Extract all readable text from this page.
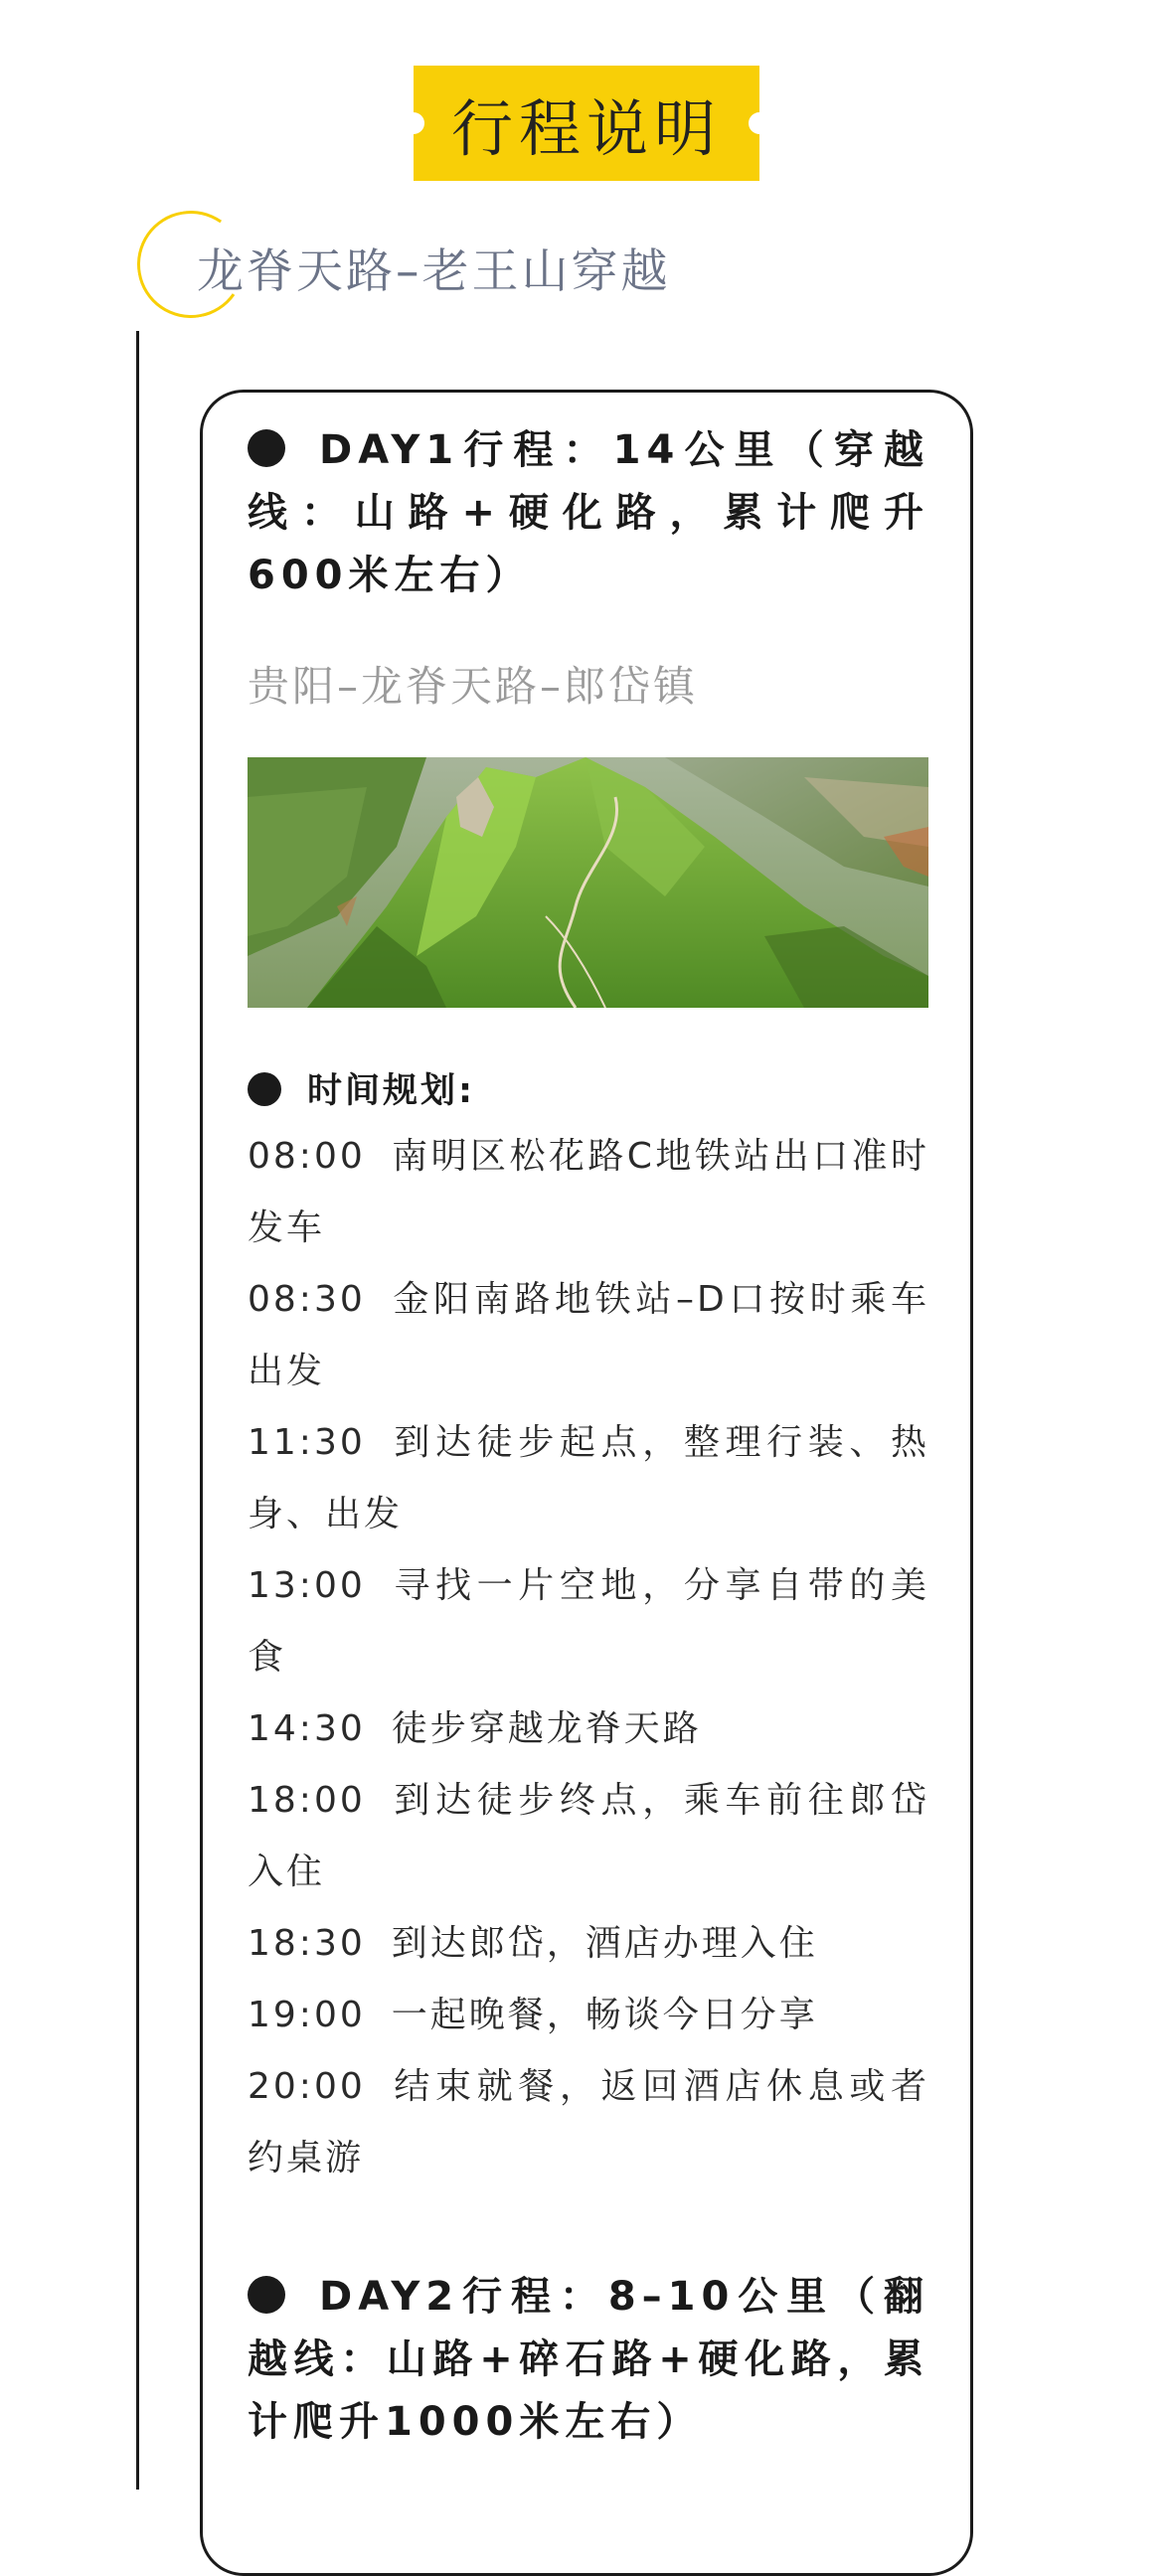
行程说明
龙脊天路–老王山穿越
DAY1行程：14公里（穿越线：山路+硬化路，累计爬升600米左右）
贵阳–龙脊天路–郎岱镇
时间规划:
08:00 南明区松花路C地铁站出口准时发车
08:30 金阳南路地铁站–D口按时乘车出发
11:30 到达徒步起点，整理行装、热身、出发
13:00 寻找一片空地，分享自带的美食
14:30 徒步穿越龙脊天路
18:00 到达徒步终点，乘车前往郎岱入住
18:30 到达郎岱，酒店办理入住
19:00 一起晚餐，畅谈今日分享
20:00 结束就餐，返回酒店休息或者约桌游
DAY2行程：8–10公里（翻越线：山路+碎石路+硬化路，累计爬升1000米左右）
